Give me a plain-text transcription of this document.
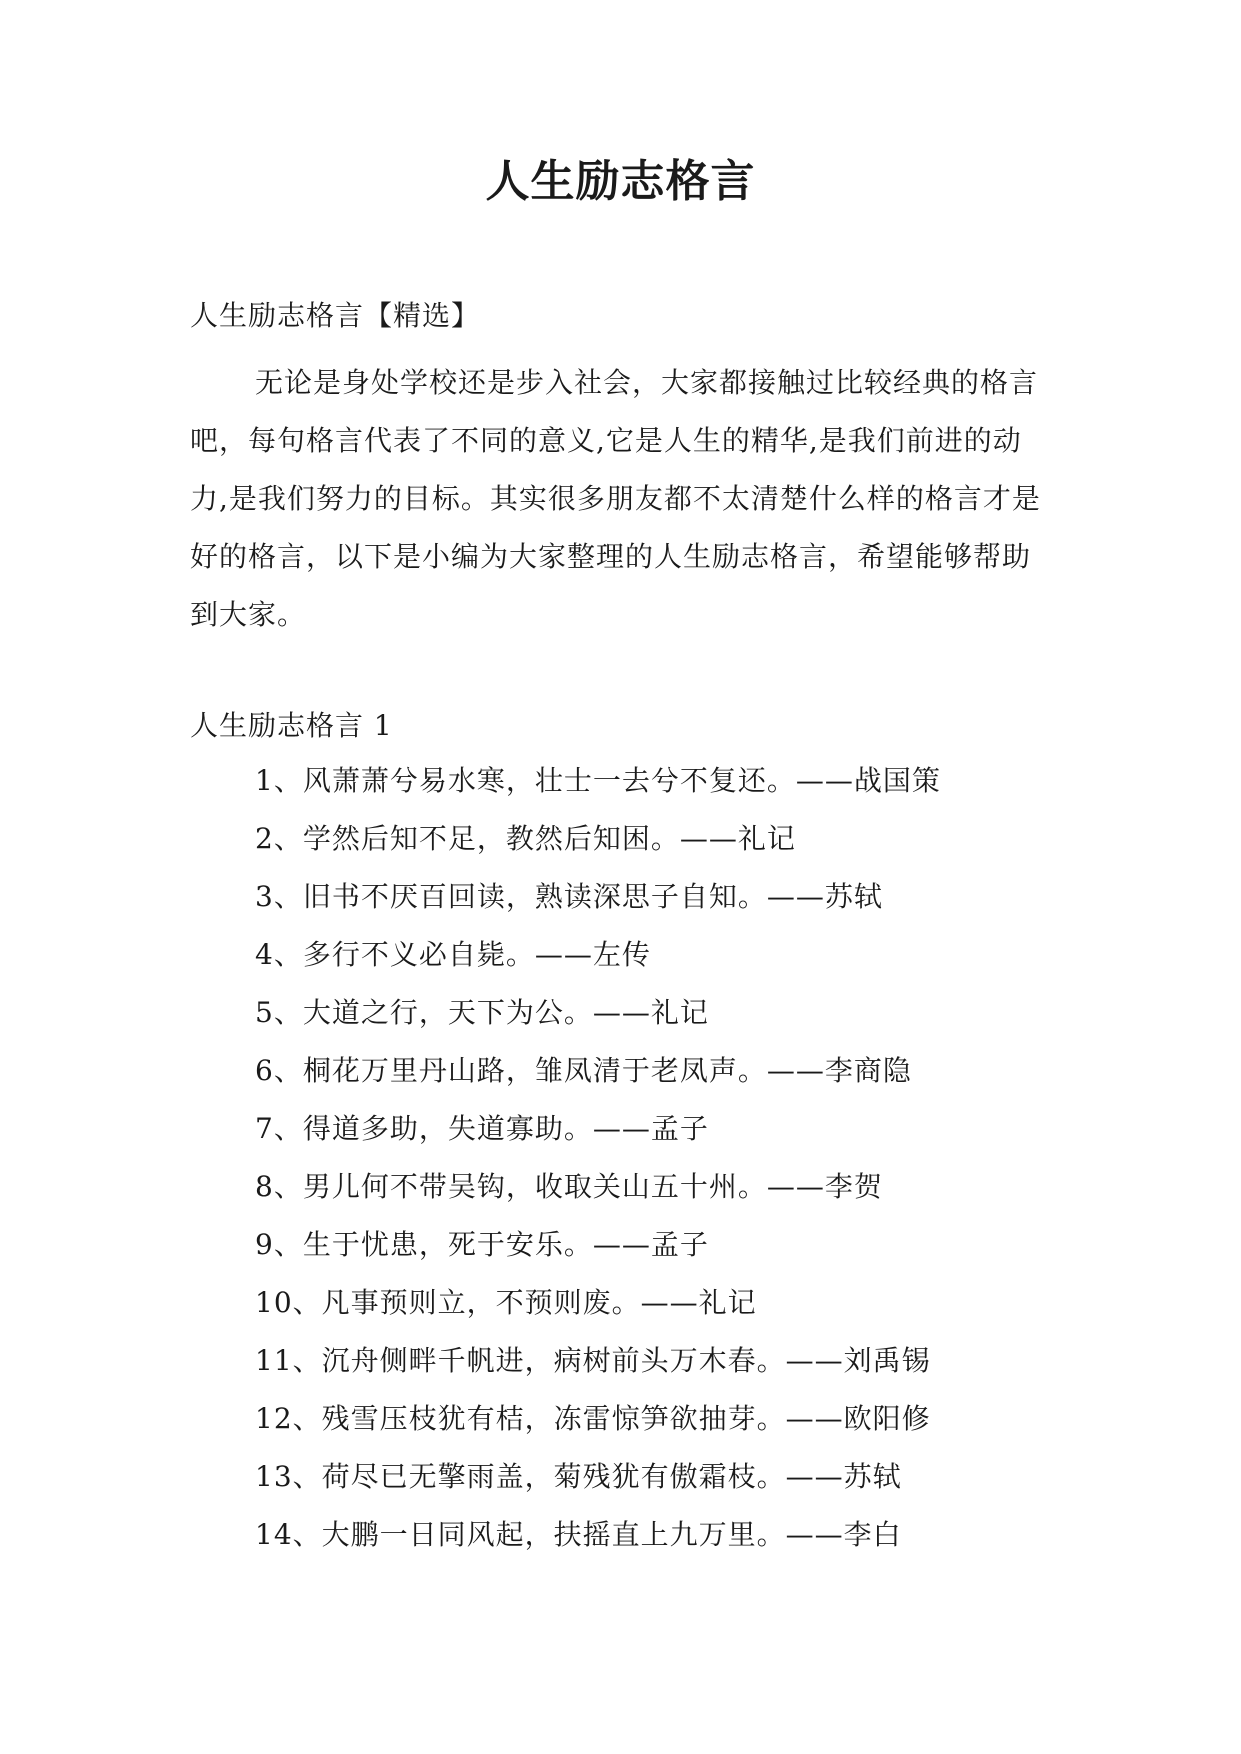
人生励志格言

人生励志格言【精选】

无论是身处学校还是步入社会，大家都接触过比较经典的格言吧，每句格言代表了不同的意义,它是人生的精华,是我们前进的动力,是我们努力的目标。其实很多朋友都不太清楚什么样的格言才是好的格言，以下是小编为大家整理的人生励志格言，希望能够帮助到大家。

人生励志格言 1

1、风萧萧兮易水寒，壮士一去兮不复还。——战国策

2、学然后知不足，教然后知困。——礼记

3、旧书不厌百回读，熟读深思子自知。——苏轼

4、多行不义必自毙。——左传

5、大道之行，天下为公。——礼记

6、桐花万里丹山路，雏凤清于老凤声。——李商隐

7、得道多助，失道寡助。——孟子

8、男儿何不带吴钩，收取关山五十州。——李贺

9、生于忧患，死于安乐。——孟子

10、凡事预则立，不预则废。——礼记

11、沉舟侧畔千帆进，病树前头万木春。——刘禹锡

12、残雪压枝犹有桔，冻雷惊笋欲抽芽。——欧阳修

13、荷尽已无擎雨盖，菊残犹有傲霜枝。——苏轼

14、大鹏一日同风起，扶摇直上九万里。——李白
